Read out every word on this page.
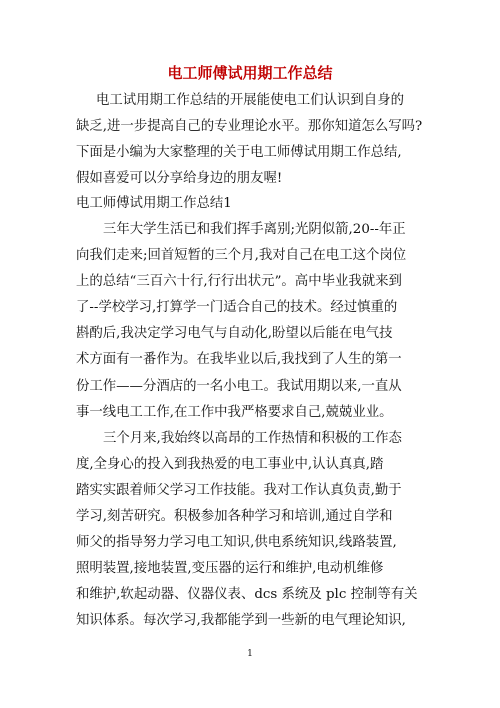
电工师傅试用期工作总结
电工试用期工作总结的开展能使电工们认识到自身的
缺乏,进一步提高自己的专业理论水平。那你知道怎么写吗?
下面是小编为大家整理的关于电工师傅试用期工作总结,
假如喜爱可以分享给身边的朋友喔!
电工师傅试用期工作总结1
三年大学生活已和我们挥手离别;光阴似箭,20--年正
向我们走来;回首短暂的三个月,我对自己在电工这个岗位
上的总结“三百六十行,行行出状元”。高中毕业我就来到
了--学校学习,打算学一门适合自己的技术。经过慎重的
斟酌后,我决定学习电气与自动化,盼望以后能在电气技
术方面有一番作为。在我毕业以后,我找到了人生的第一
份工作——分酒店的一名小电工。我试用期以来,一直从
事一线电工工作,在工作中我严格要求自己,兢兢业业。
三个月来,我始终以高昂的工作热情和积极的工作态
度,全身心的投入到我热爱的电工事业中,认认真真,踏
踏实实跟着师父学习工作技能。我对工作认真负责,勤于
学习,刻苦研究。积极参加各种学习和培训,通过自学和
师父的指导努力学习电工知识,供电系统知识,线路装置,
照明装置,接地装置,变压器的运行和维护,电动机维修
和维护,软起动器、仪器仪表、dcs 系统及 plc 控制等有关
知识体系。每次学习,我都能学到一些新的电气理论知识,
1
